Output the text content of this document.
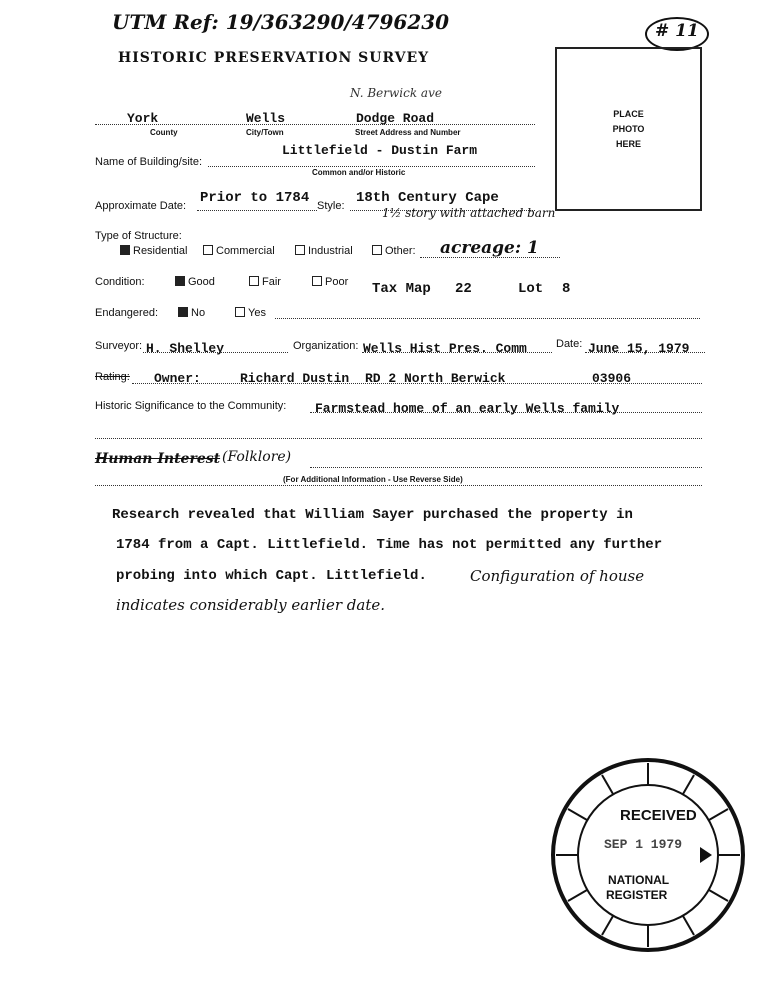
UTM Ref: 19/363290/4796230	# 11
HISTORIC PRESERVATION SURVEY
N. Berwick ave
PLACE
PHOTO
HERE
York	Wells	Dodge Road
County	City/Town	Street Address and Number
Name of Building/site:
Littlefield - Dustin Farm
Common and/or Historic
Approximate Date: Prior to 1784 Style: 18th Century Cape
1½ story with attached barn
Type of Structure:
Residential	Commercial	Industrial	Other: acreage: 1
Condition:	Good	Fair	Poor Tax Map 22	Lot 8
Endangered:	No	Yes
Surveyor: H. Shelley	Organization: Wells Hist Pres. Comm	Date: June 15, 1979
Rating: Owner:	Richard Dustin RD 2 North Berwick	03906
Historic Significance to the Community: Farmstead home of an early Wells family
Human Interest (Folklore)
(For Additional Information - Use Reverse Side)
Research revealed that William Sayer purchased the property in
1784 from a Capt. Littlefield. Time has not permitted any further
probing into which Capt. Littlefield.	Configuration of house
indicates considerably earlier date.
RECEIVED
SEP 1 1979
NATIONAL
REGISTER
